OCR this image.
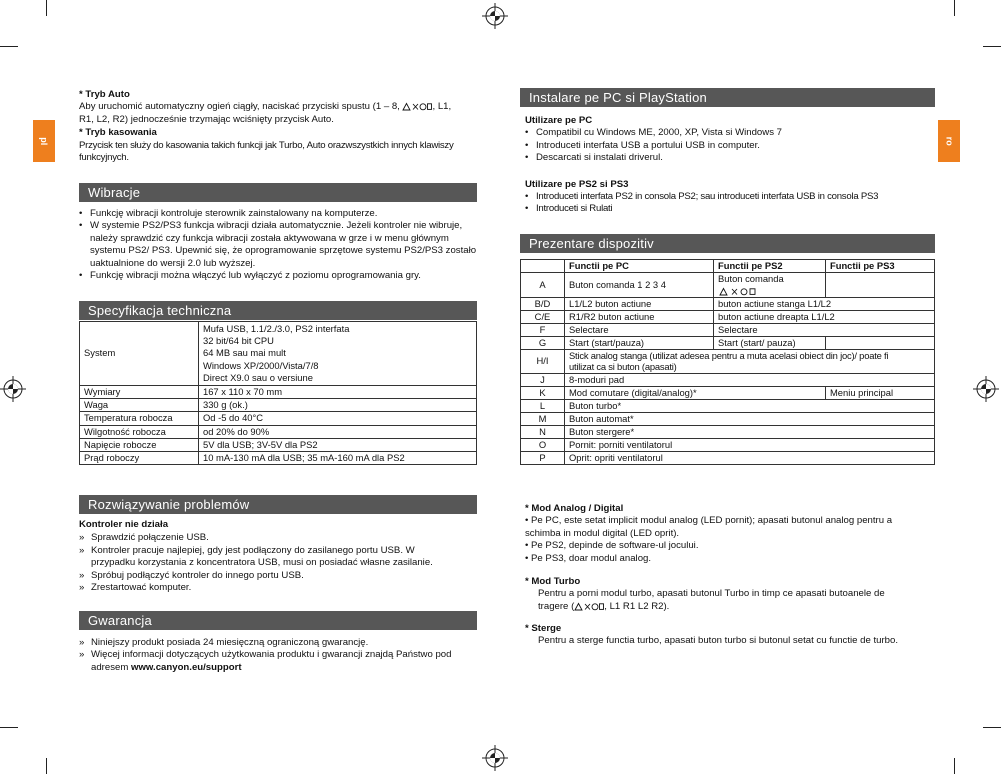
pl	ro

* Tryb Auto

Aby uruchomić automatyczny ogień ciągły, naciskać przyciski spustu (1 – 8,	, L1,

R1, L2, R2) jednocześnie trzymając wciśnięty przycisk Auto.

* Tryb kasowania

Przycisk ten służy do kasowania takich funkcji jak Turbo, Auto orazwszystkich innych klawiszy

funkcyjnych.

Wibracje
• Funkcję wibracji kontroluje sterownik zainstalowany na komputerze.
• W systemie PS2/PS3 funkcja wibracji działa automatycznie. Jeżeli kontroler nie wibruje,
należy sprawdzić czy funkcja wibracji została aktywowana w grze i w menu głównym
systemu PS2/ PS3. Upewnić się, że oprogramowanie sprzętowe systemu PS2/PS3 zostało
uaktualnione do wersji 2.0 lub wyższej.
• Funkcję wibracji można włączyć lub wyłączyć z poziomu oprogramowania gry.
Specyfikacja techniczna
System	Mufa USB, 1.1/2./3.0, PS2 interfata
32 bit/64 bit CPU
64 MB sau mai mult
Windows XP/2000/Vista/7/8
Direct X9.0 sau o versiune

Wymiary	167 x 110 x 70 mm
Waga	330 g (ok.)
Temperatura robocza	Od -5 do 40°C
Wilgotność robocza	od 20% do 90%
Napięcie robocze	5V dla USB; 3V-5V dla PS2
Prąd roboczy	10 mA-130 mA dla USB; 35 mA-160 mA dla PS2
Rozwiązywanie problemów

Kontroler nie działa

» Sprawdzić połączenie USB.
» Kontroler pracuje najlepiej, gdy jest podłączony do zasilanego portu USB. W
przypadku korzystania z koncentratora USB, musi on posiadać własne zasilanie.
» Spróbuj podłączyć kontroler do innego portu USB.
» Zrestartować komputer.
Gwarancja
» Niniejszy produkt posiada 24 miesięczną ograniczoną gwarancję.
» Więcej informacji dotyczących użytkowania produktu i gwarancji znajdą Państwo pod
adresem www.canyon.eu/support
Instalare pe PC si PlayStation

Utilizare pe PC

• Compatibil cu Windows ME, 2000, XP, Vista si Windows 7
• Introduceti interfata USB a portului USB in computer.
• Descarcati si instalati driverul.

Utilizare pe PS2 si PS3

• Introduceti interfata PS2 in consola PS2; sau introduceti interfata USB in consola PS3
• Introduceti si Rulati
Prezentare dispozitiv
	Functii pe PC	Functii pe PS2	Functii pe PS3
A	Buton comanda 1 2 3 4	Buton comanda	
B/D	L1/L2 buton actiune	buton actiune stanga L1/L2	
C/E	R1/R2 buton actiune	buton actiune dreapta L1/L2	
F	Selectare	Selectare	
G	Start (start/pauza)	Start (start/ pauza)	
H/I	Stick analog stanga (utilizat adesea pentru a muta acelasi obiect din joc)/ poate fi
utilizat ca si buton (apasati)		
J	8-moduri pad		
K	Mod comutare (digital/analog)*		Meniu principal
L	Buton turbo*		
M	Buton automat*		
N	Buton stergere*		
O	Pornit: porniti ventilatorul		
P	Oprit: opriti ventilatorul		

* Mod Analog / Digital

• Pe PC, este setat implicit modul analog (LED pornit); apasati butonul analog pentru a

schimba in modul digital (LED oprit).

• Pe PS2, depinde de software-ul jocului.

• Pe PS3, doar modul analog.

* Mod Turbo

Pentru a porni modul turbo, apasati butonul Turbo in timp ce apasati butoanele de

tragere (	, L1 R1 L2 R2).

* Sterge

Pentru a sterge functia turbo, apasati buton turbo si butonul setat cu functie de turbo.
